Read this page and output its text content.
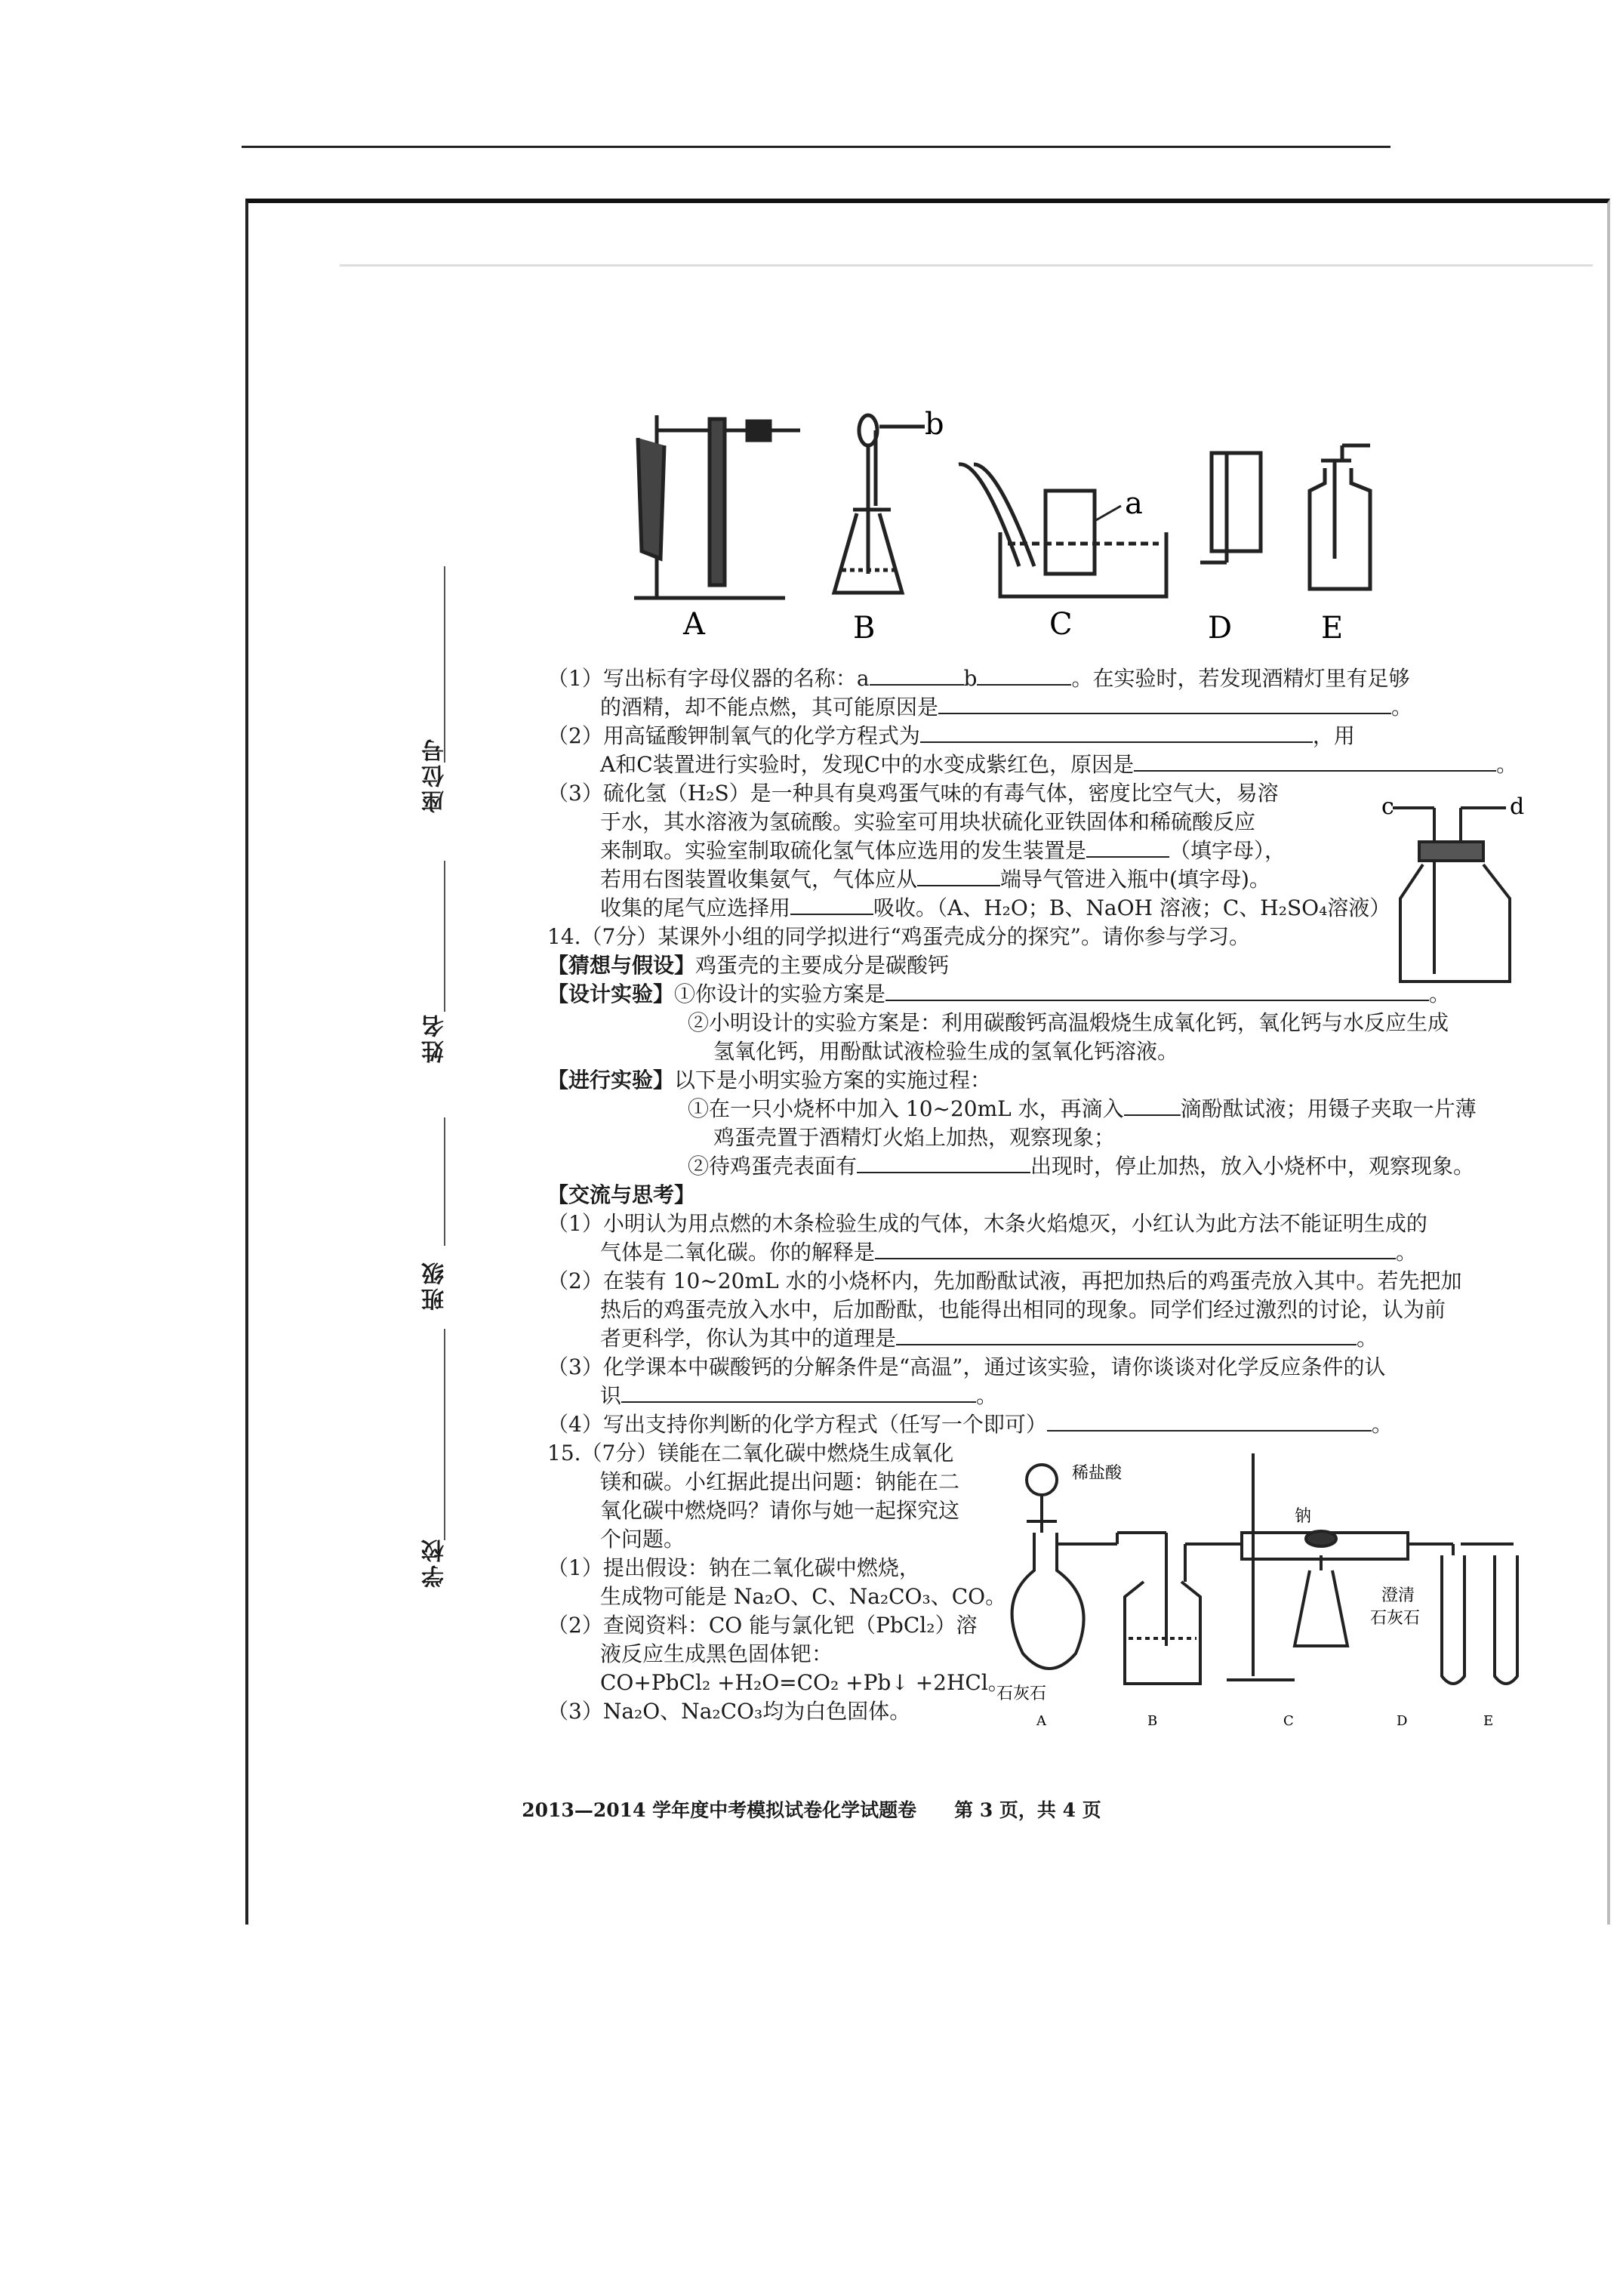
座位号
姓名
班级
学校
b
a
A	B	C	D	E
c	d
稀盐酸
钠
石灰石
澄清
石灰石
A	B	C	D	E
（1）写出标有字母仪器的名称：a	b	。在实验时，若发现酒精灯里有足够
的酒精，却不能点燃，其可能原因是	。
（2）用高锰酸钾制氧气的化学方程式为	，用
A和C装置进行实验时，发现C中的水变成紫红色，原因是	。
（3）硫化氢（H₂S）是一种具有臭鸡蛋气味的有毒气体，密度比空气大，易溶
于水，其水溶液为氢硫酸。实验室可用块状硫化亚铁固体和稀硫酸反应
来制取。实验室制取硫化氢气体应选用的发生装置是	（填字母），
若用右图装置收集氨气，气体应从	端导气管进入瓶中(填字母)。
收集的尾气应选择用	吸收。（A、H₂O；B、NaOH 溶液；C、H₂SO₄溶液）
14.（7分）某课外小组的同学拟进行“鸡蛋壳成分的探究”。请你参与学习。
【猜想与假设】鸡蛋壳的主要成分是碳酸钙
【设计实验】①你设计的实验方案是	。
②小明设计的实验方案是：利用碳酸钙高温煅烧生成氧化钙，氧化钙与水反应生成
氢氧化钙，用酚酞试液检验生成的氢氧化钙溶液。
【进行实验】以下是小明实验方案的实施过程：
①在一只小烧杯中加入 10~20mL 水，再滴入	滴酚酞试液；用镊子夹取一片薄
鸡蛋壳置于酒精灯火焰上加热，观察现象；
②待鸡蛋壳表面有	出现时，停止加热，放入小烧杯中，观察现象。
【交流与思考】
（1）小明认为用点燃的木条检验生成的气体，木条火焰熄灭，小红认为此方法不能证明生成的
气体是二氧化碳。你的解释是	。
（2）在装有 10~20mL 水的小烧杯内，先加酚酞试液，再把加热后的鸡蛋壳放入其中。若先把加
热后的鸡蛋壳放入水中，后加酚酞，也能得出相同的现象。同学们经过激烈的讨论，认为前
者更科学，你认为其中的道理是	。
（3）化学课本中碳酸钙的分解条件是“高温”，通过该实验，请你谈谈对化学反应条件的认
识	。
（4）写出支持你判断的化学方程式（任写一个即可）	。
15.（7分）镁能在二氧化碳中燃烧生成氧化
镁和碳。小红据此提出问题：钠能在二
氧化碳中燃烧吗？请你与她一起探究这
个问题。
（1）提出假设：钠在二氧化碳中燃烧，
生成物可能是 Na₂O、C、Na₂CO₃、CO。
（2）查阅资料：CO 能与氯化钯（PbCl₂）溶
液反应生成黑色固体钯：
CO+PbCl₂ +H₂O=CO₂ +Pb↓ +2HCl。
（3）Na₂O、Na₂CO₃均为白色固体。
2013—2014 学年度中考模拟试卷化学试题卷　　第 3 页，共 4 页
